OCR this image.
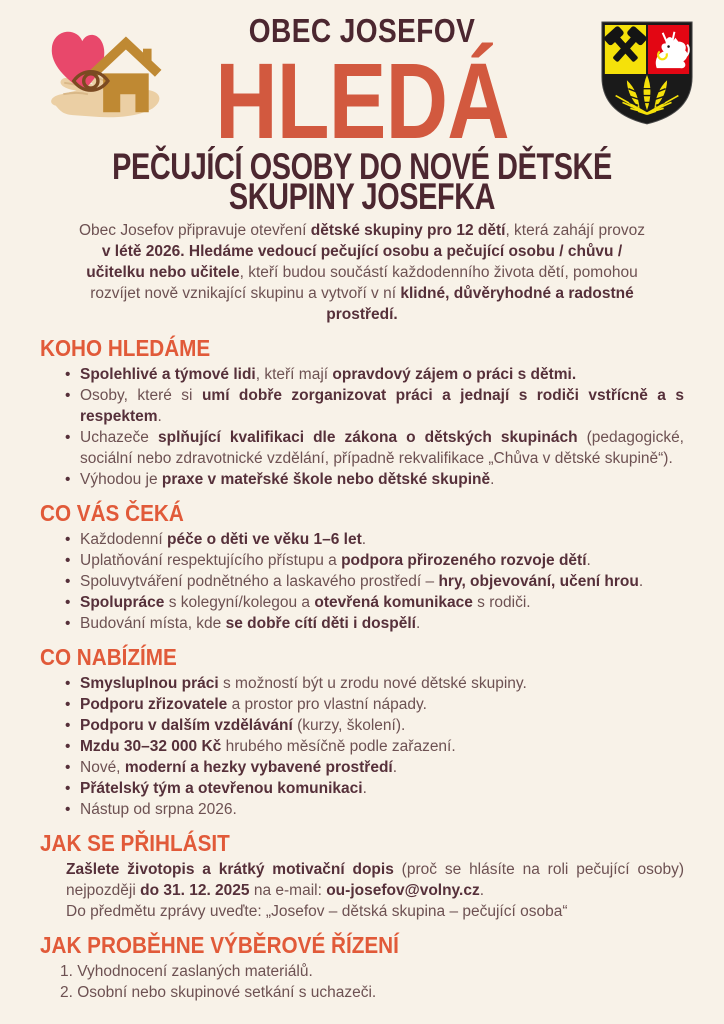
OBEC JOSEFOV
HLEDÁ
PEČUJÍCÍ OSOBY DO NOVÉ DĚTSKÉ
SKUPINY JOSEFKA

Obec Josefov připravuje otevření dětské skupiny pro 12 dětí, která zahájí provoz v létě 2026. Hledáme vedoucí pečující osobu a pečující osobu / chůvu / učitelku nebo učitele, kteří budou součástí každodenního života dětí, pomohou rozvíjet nově vznikající skupinu a vytvoří v ní klidné, důvěryhodné a radostné prostředí.

KOHO HLEDÁME
• Spolehlivé a týmové lidi, kteří mají opravdový zájem o práci s dětmi.
• Osoby, které si umí dobře zorganizovat práci a jednají s rodiči vstřícně a s respektem.
• Uchazeče splňující kvalifikaci dle zákona o dětských skupinách (pedagogické, sociální nebo zdravotnické vzdělání, případně rekvalifikace „Chůva v dětské skupině“).
• Výhodou je praxe v mateřské škole nebo dětské skupině.
CO VÁS ČEKÁ
• Každodenní péče o děti ve věku 1–6 let.
• Uplatňování respektujícího přístupu a podpora přirozeného rozvoje dětí.
• Spoluvytváření podnětného a laskavého prostředí – hry, objevování, učení hrou.
• Spolupráce s kolegyní/kolegou a otevřená komunikace s rodiči.
• Budování místa, kde se dobře cítí děti i dospělí.
CO NABÍZÍME
• Smysluplnou práci s možností být u zrodu nové dětské skupiny.
• Podporu zřizovatele a prostor pro vlastní nápady.
• Podporu v dalším vzdělávání (kurzy, školení).
• Mzdu 30–32 000 Kč hrubého měsíčně podle zařazení.
• Nové, moderní a hezky vybavené prostředí.
• Přátelský tým a otevřenou komunikaci.
• Nástup od srpna 2026.
JAK SE PŘIHLÁSIT

Zašlete životopis a krátký motivační dopis (proč se hlásíte na roli pečující osoby) nejpozději do 31. 12. 2025 na e-mail: ou-josefov@volny.cz.

Do předmětu zprávy uveďte: „Josefov – dětská skupina – pečující osoba“

JAK PROBĚHNE VÝBĚROVÉ ŘÍZENÍ
Vyhodnocení zaslaných materiálů.
Osobní nebo skupinové setkání s uchazeči.
